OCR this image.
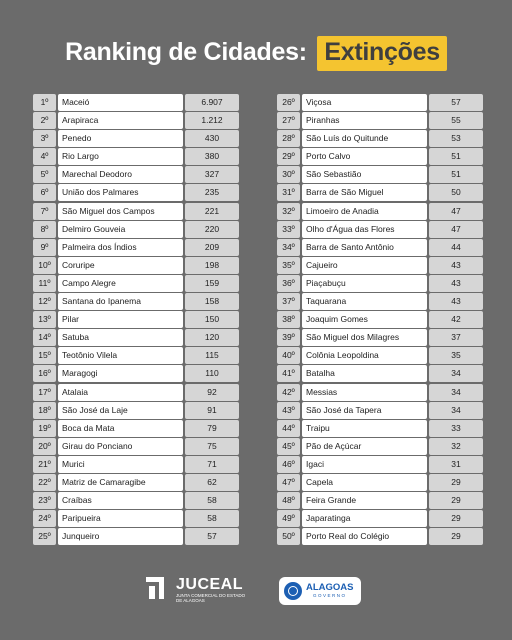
Ranking de Cidades: Extinções
1º	Maceió	6.907
2º	Arapiraca	1.212
3º	Penedo	430
4º	Rio Largo	380
5º	Marechal Deodoro	327
6º	União dos Palmares	235
7º	São Miguel dos Campos	221
8º	Delmiro Gouveia	220
9º	Palmeira dos Índios	209
10º	Coruripe	198
11º	Campo Alegre	159
12º	Santana do Ipanema	158
13º	Pilar	150
14º	Satuba	120
15º	Teotônio Vilela	115
16º	Maragogi	110
17º	Atalaia	92
18º	São José da Laje	91
19º	Boca da Mata	79
20º	Girau do Ponciano	75
21º	Murici	71
22º	Matriz de Camaragibe	62
23º	Craíbas	58
24º	Paripueira	58
25º	Junqueiro	57
26º	Viçosa	57
27º	Piranhas	55
28º	São Luís do Quitunde	53
29º	Porto Calvo	51
30º	São Sebastião	51
31º	Barra de São Miguel	50
32º	Limoeiro de Anadia	47
33º	Olho d'Água das Flores	47
34º	Barra de Santo Antônio	44
35º	Cajueiro	43
36º	Piaçabuçu	43
37º	Taquarana	43
38º	Joaquim Gomes	42
39º	São Miguel dos Milagres	37
40º	Colônia Leopoldina	35
41º	Batalha	34
42º	Messias	34
43º	São José da Tapera	34
44º	Traipu	33
45º	Pão de Açúcar	32
46º	Igaci	31
47º	Capela	29
48º	Feira Grande	29
49º	Japaratinga	29
50º	Porto Real do Colégio	29
JUCEAL
JUNTA COMERCIAL DO ESTADO DE ALAGOAS
ALAGOAS
GOVERNO
